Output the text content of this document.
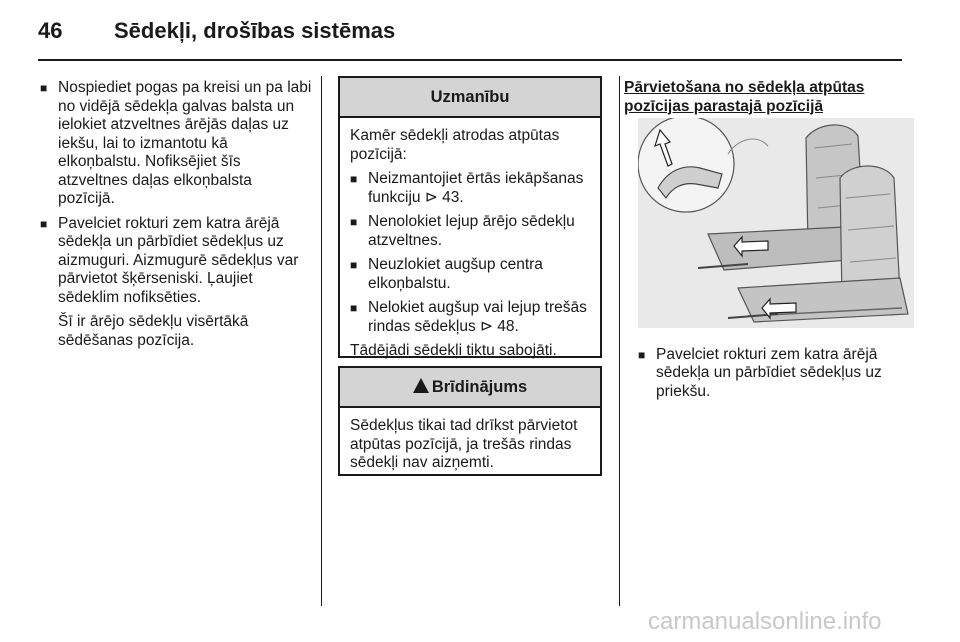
46 Sēdekļi, drošības sistēmas
■ Nospiediet pogas pa kreisi un pa labi no vidējā sēdekļa galvas balsta un ielokiet atzveltnes ārējās daļas uz iekšu, lai to izmantotu kā elkoņbalstu. Nofiksējiet šīs atzveltnes daļas elkoņbalsta pozīcijā.
■ Pavelciet rokturi zem katra ārējā sēdekļa un pārbīdiet sēdekļus uz aizmuguri. Aizmugurē sēdekļus var pārvietot šķērseniski. Ļaujiet sēdeklim nofiksēties.
Šī ir ārējo sēdekļu visērtākā sēdēšanas pozīcija.
Uzmanību

Kamēr sēdekļi atrodas atpūtas pozīcijā:

■ Neizmantojiet ērtās iekāpšanas funkciju ⊳ 43.
■ Nenolokiet lejup ārējo sēdekļu atzveltnes.
■ Neuzlokiet augšup centra elkoņbalstu.
■ Nelokiet augšup vai lejup trešās rindas sēdekļus ⊳ 48.

Tādējādi sēdekļi tiktu sabojāti.

!Brīdinājums
Sēdekļus tikai tad drīkst pārvietot atpūtas pozīcijā, ja trešās rindas sēdekļi nav aizņemti.
Pārvietošana no sēdekļa atpūtas pozīcijas parastajā pozīcijā
■ Pavelciet rokturi zem katra ārējā sēdekļa un pārbīdiet sēdekļus uz priekšu.
carmanualsonline.info
